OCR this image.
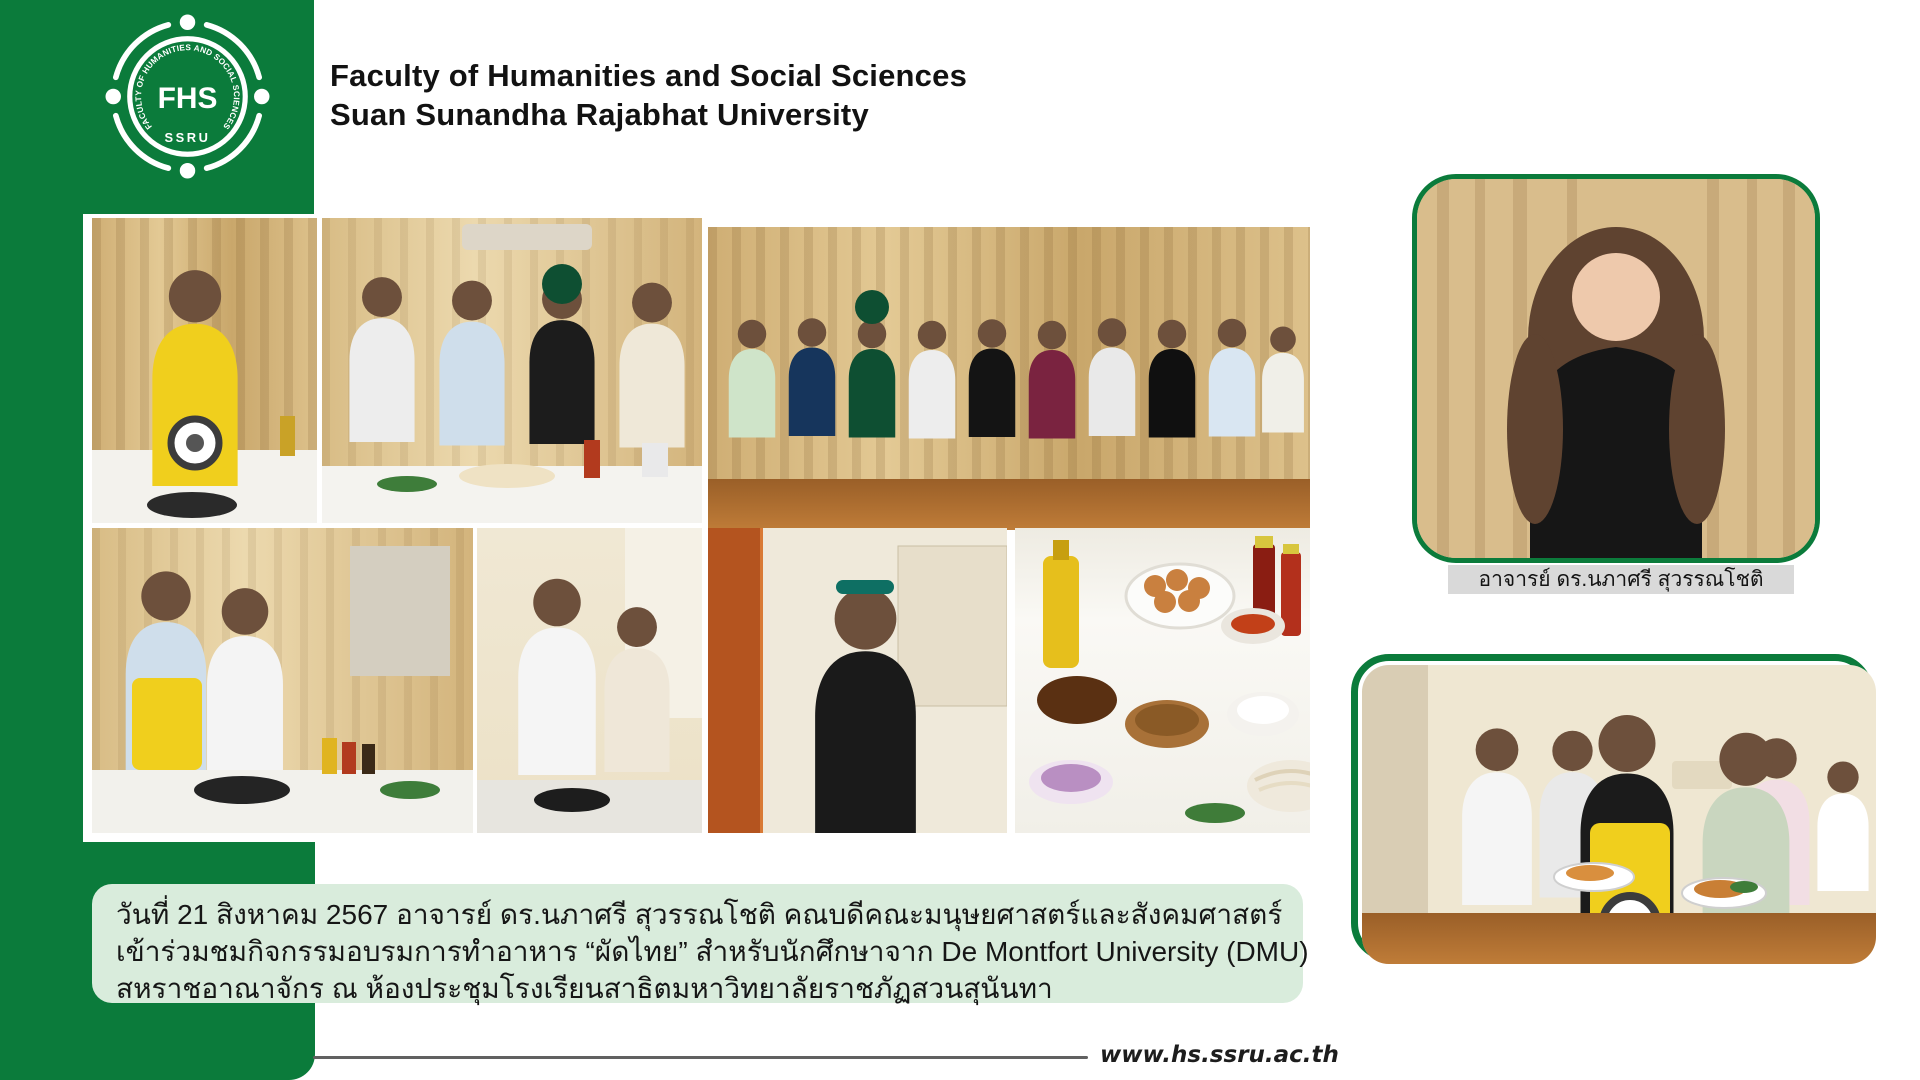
FACULTY OF HUMANITIES AND SOCIAL SCIENCES
FHS
SSRU
Faculty of Humanities and Social Sciences
Suan Sunandha Rajabhat University
อาจารย์ ดร.นภาศรี สุวรรณโชติ
วันที่ 21 สิงหาคม 2567 อาจารย์ ดร.นภาศรี สุวรรณโชติ คณบดีคณะมนุษยศาสตร์และสังคมศาสตร์
เข้าร่วมชมกิจกรรมอบรมการทำอาหาร “ผัดไทย” สำหรับนักศึกษาจาก De Montfort University (DMU)
สหราชอาณาจักร ณ ห้องประชุมโรงเรียนสาธิตมหาวิทยาลัยราชภัฏสวนสุนันทา
www.hs.ssru.ac.th
